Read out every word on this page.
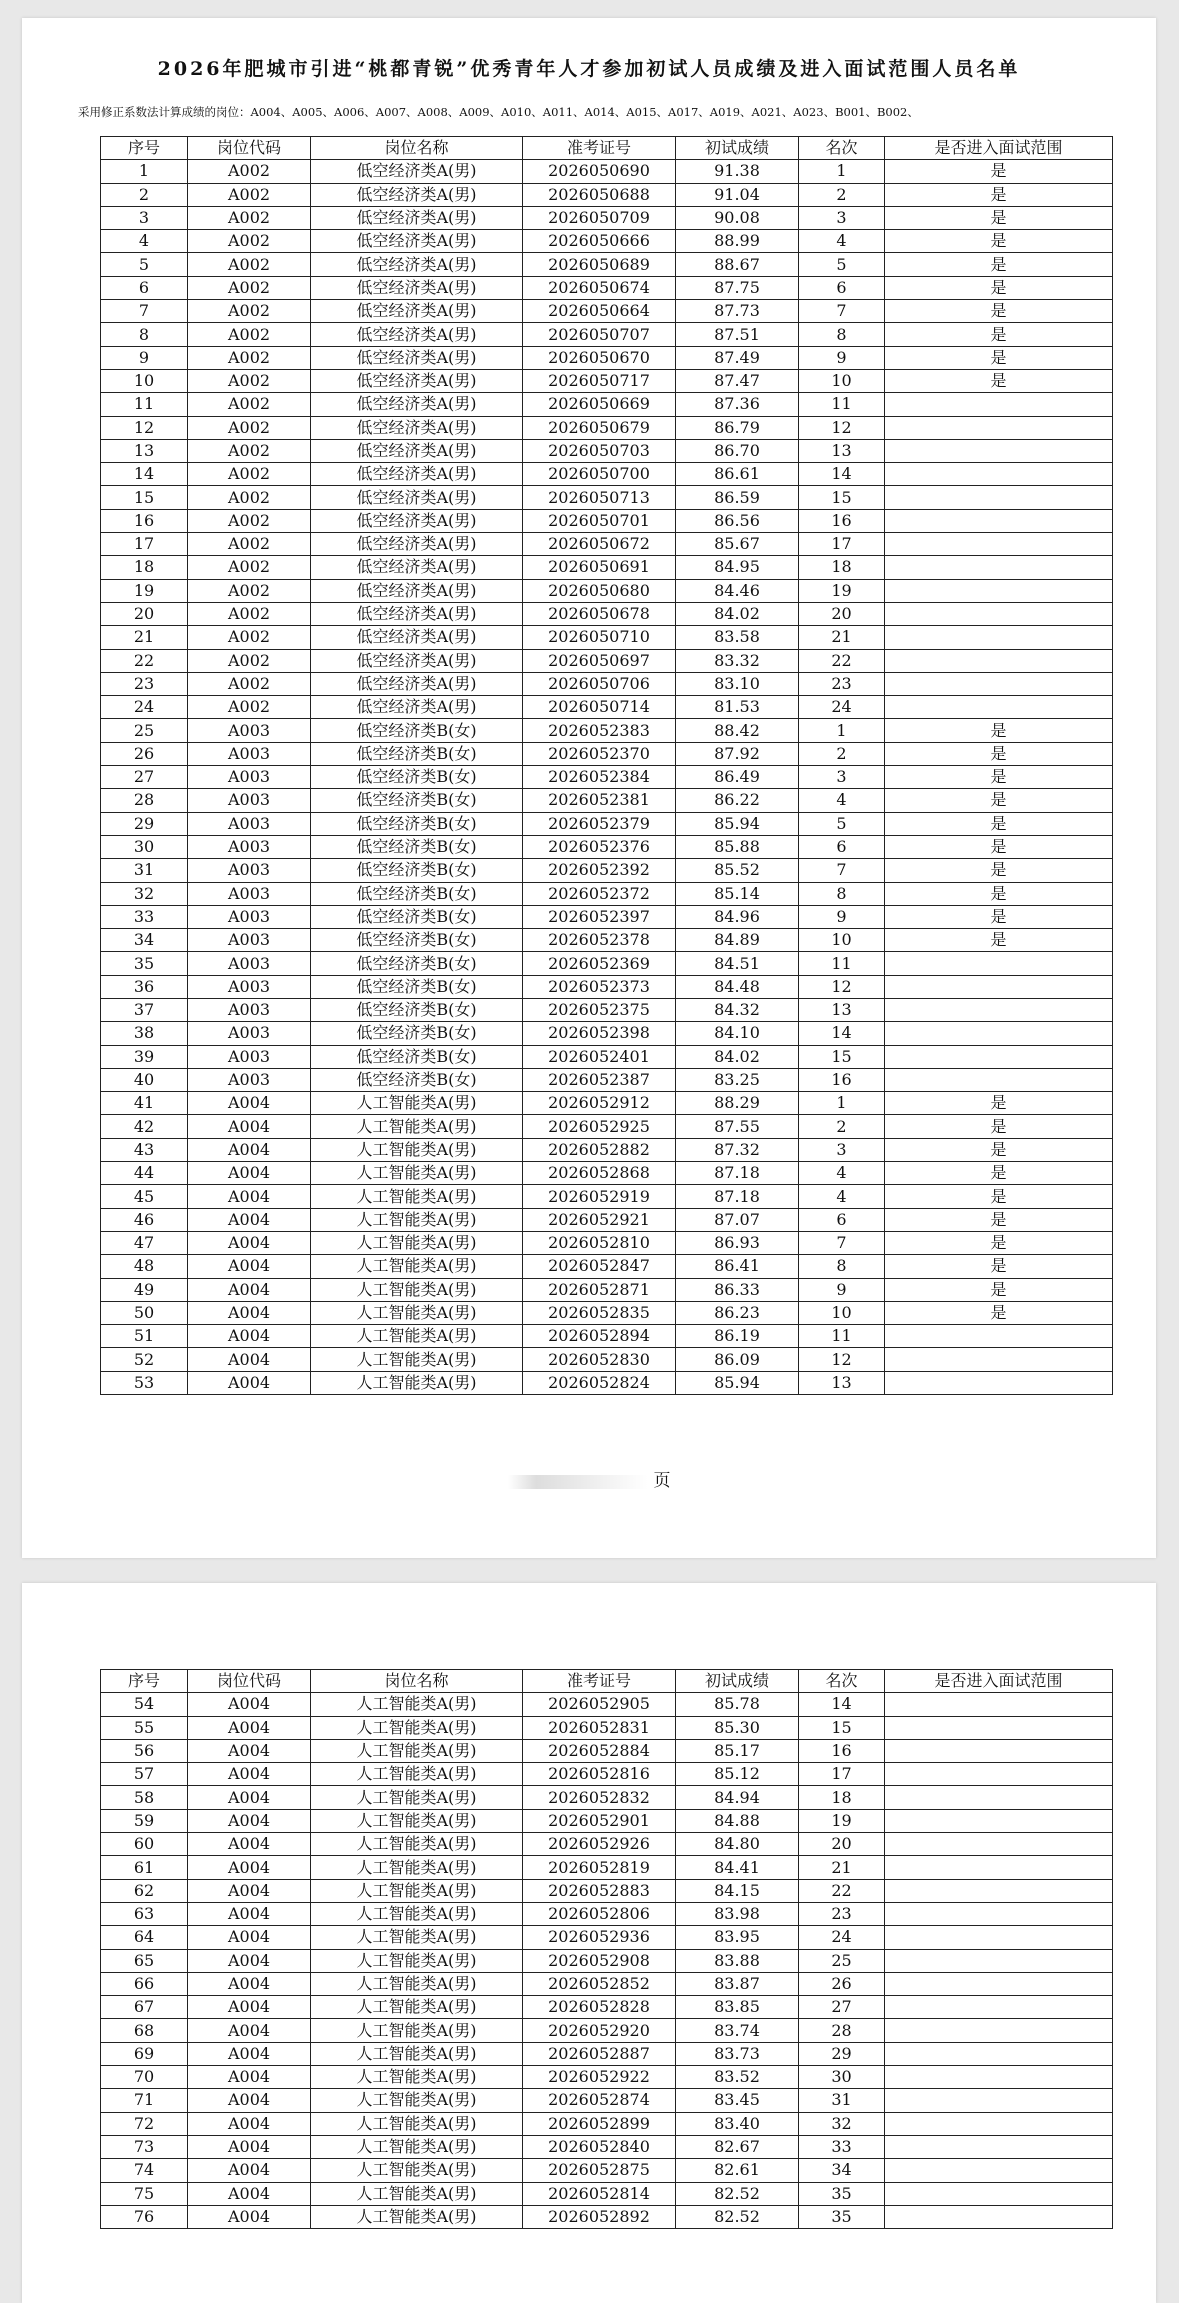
2026年肥城市引进“桃都青锐”优秀青年人才参加初试人员成绩及进入面试范围人员名单
采用修正系数法计算成绩的岗位：A004、A005、A006、A007、A008、A009、A010、A011、A014、A015、A017、A019、A021、A023、B001、B002、
序号	岗位代码	岗位名称	准考证号	初试成绩	名次	是否进入面试范围
1	A002	低空经济类A(男)	2026050690	91.38	1	是
2	A002	低空经济类A(男)	2026050688	91.04	2	是
3	A002	低空经济类A(男)	2026050709	90.08	3	是
4	A002	低空经济类A(男)	2026050666	88.99	4	是
5	A002	低空经济类A(男)	2026050689	88.67	5	是
6	A002	低空经济类A(男)	2026050674	87.75	6	是
7	A002	低空经济类A(男)	2026050664	87.73	7	是
8	A002	低空经济类A(男)	2026050707	87.51	8	是
9	A002	低空经济类A(男)	2026050670	87.49	9	是
10	A002	低空经济类A(男)	2026050717	87.47	10	是
11	A002	低空经济类A(男)	2026050669	87.36	11	
12	A002	低空经济类A(男)	2026050679	86.79	12	
13	A002	低空经济类A(男)	2026050703	86.70	13	
14	A002	低空经济类A(男)	2026050700	86.61	14	
15	A002	低空经济类A(男)	2026050713	86.59	15	
16	A002	低空经济类A(男)	2026050701	86.56	16	
17	A002	低空经济类A(男)	2026050672	85.67	17	
18	A002	低空经济类A(男)	2026050691	84.95	18	
19	A002	低空经济类A(男)	2026050680	84.46	19	
20	A002	低空经济类A(男)	2026050678	84.02	20	
21	A002	低空经济类A(男)	2026050710	83.58	21	
22	A002	低空经济类A(男)	2026050697	83.32	22	
23	A002	低空经济类A(男)	2026050706	83.10	23	
24	A002	低空经济类A(男)	2026050714	81.53	24	
25	A003	低空经济类B(女)	2026052383	88.42	1	是
26	A003	低空经济类B(女)	2026052370	87.92	2	是
27	A003	低空经济类B(女)	2026052384	86.49	3	是
28	A003	低空经济类B(女)	2026052381	86.22	4	是
29	A003	低空经济类B(女)	2026052379	85.94	5	是
30	A003	低空经济类B(女)	2026052376	85.88	6	是
31	A003	低空经济类B(女)	2026052392	85.52	7	是
32	A003	低空经济类B(女)	2026052372	85.14	8	是
33	A003	低空经济类B(女)	2026052397	84.96	9	是
34	A003	低空经济类B(女)	2026052378	84.89	10	是
35	A003	低空经济类B(女)	2026052369	84.51	11	
36	A003	低空经济类B(女)	2026052373	84.48	12	
37	A003	低空经济类B(女)	2026052375	84.32	13	
38	A003	低空经济类B(女)	2026052398	84.10	14	
39	A003	低空经济类B(女)	2026052401	84.02	15	
40	A003	低空经济类B(女)	2026052387	83.25	16	
41	A004	人工智能类A(男)	2026052912	88.29	1	是
42	A004	人工智能类A(男)	2026052925	87.55	2	是
43	A004	人工智能类A(男)	2026052882	87.32	3	是
44	A004	人工智能类A(男)	2026052868	87.18	4	是
45	A004	人工智能类A(男)	2026052919	87.18	4	是
46	A004	人工智能类A(男)	2026052921	87.07	6	是
47	A004	人工智能类A(男)	2026052810	86.93	7	是
48	A004	人工智能类A(男)	2026052847	86.41	8	是
49	A004	人工智能类A(男)	2026052871	86.33	9	是
50	A004	人工智能类A(男)	2026052835	86.23	10	是
51	A004	人工智能类A(男)	2026052894	86.19	11	
52	A004	人工智能类A(男)	2026052830	86.09	12	
53	A004	人工智能类A(男)	2026052824	85.94	13	
页
序号	岗位代码	岗位名称	准考证号	初试成绩	名次	是否进入面试范围
54	A004	人工智能类A(男)	2026052905	85.78	14	
55	A004	人工智能类A(男)	2026052831	85.30	15	
56	A004	人工智能类A(男)	2026052884	85.17	16	
57	A004	人工智能类A(男)	2026052816	85.12	17	
58	A004	人工智能类A(男)	2026052832	84.94	18	
59	A004	人工智能类A(男)	2026052901	84.88	19	
60	A004	人工智能类A(男)	2026052926	84.80	20	
61	A004	人工智能类A(男)	2026052819	84.41	21	
62	A004	人工智能类A(男)	2026052883	84.15	22	
63	A004	人工智能类A(男)	2026052806	83.98	23	
64	A004	人工智能类A(男)	2026052936	83.95	24	
65	A004	人工智能类A(男)	2026052908	83.88	25	
66	A004	人工智能类A(男)	2026052852	83.87	26	
67	A004	人工智能类A(男)	2026052828	83.85	27	
68	A004	人工智能类A(男)	2026052920	83.74	28	
69	A004	人工智能类A(男)	2026052887	83.73	29	
70	A004	人工智能类A(男)	2026052922	83.52	30	
71	A004	人工智能类A(男)	2026052874	83.45	31	
72	A004	人工智能类A(男)	2026052899	83.40	32	
73	A004	人工智能类A(男)	2026052840	82.67	33	
74	A004	人工智能类A(男)	2026052875	82.61	34	
75	A004	人工智能类A(男)	2026052814	82.52	35	
76	A004	人工智能类A(男)	2026052892	82.52	35	
